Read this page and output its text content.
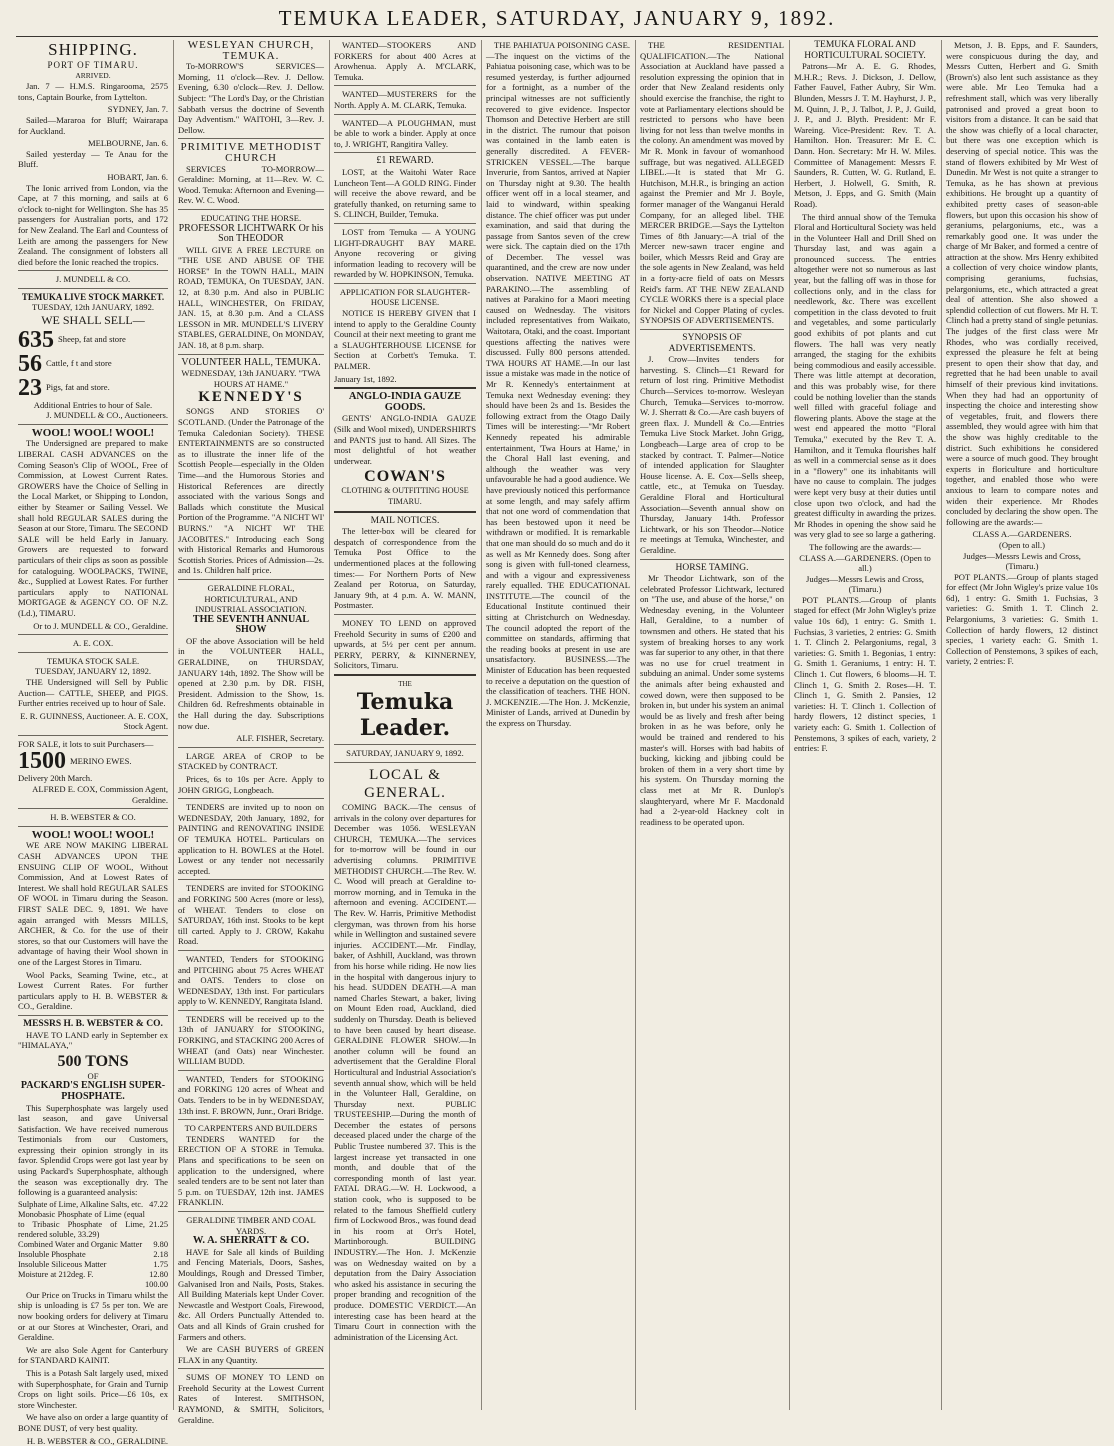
TEMUKA LEADER, SATURDAY, JANUARY 9, 1892.
SHIPPING.
PORT OF TIMARU.
ARRIVED.

Jan. 7 — H.M.S. Ringarooma, 2575 tons, Captain Bourke, from Lyttelton.

SYDNEY, Jan. 7.

Sailed—Mararoa for Bluff; Wairarapa for Auckland.

MELBOURNE, Jan. 6.

Sailed yesterday — Te Anau for the Bluff.

HOBART, Jan. 6.

The Ionic arrived from London, via the Cape, at 7 this morning, and sails at 6 o'clock to-night for Wellington. She has 35 passengers for Australian ports, and 172 for New Zealand. The Earl and Countess of Leith are among the passengers for New Zealand. The consignment of lobsters all died before the Ionic reached the tropics.

J. MUNDELL & CO.
TEMUKA LIVE STOCK MARKET.
TUESDAY, 12th JANUARY, 1892.
WE SHALL SELL—
635 Sheep, fat and store
56 Cattle, f t and store
23 Pigs, fat and store.
Additional Entries to hour of Sale.
J. MUNDELL & CO., Auctioneers.
WOOL! WOOL! WOOL!

The Undersigned are prepared to make LIBERAL CASH ADVANCES on the Coming Season's Clip of WOOL, Free of Commission, at Lowest Current Rates. GROWERS have the Choice of Selling in the Local Market, or Shipping to London, either by Steamer or Sailing Vessel. We shall hold REGULAR SALES during the Season at our Store, Timaru. The SECOND SALE will be held Early in January. Growers are requested to forward particulars of their clips as soon as possible for cataloguing. WOOLPACKS, TWINE, &c., Supplied at Lowest Rates. For further particulars apply to NATIONAL MORTGAGE & AGENCY CO. OF N.Z. (Ld.), TIMARU.

Or to J. MUNDELL & CO., Geraldine.
A. E. COX.
TEMUKA STOCK SALE.
TUESDAY, JANUARY 12, 1892.

THE Undersigned will Sell by Public Auction— CATTLE, SHEEP, and PIGS. Further entries received up to hour of Sale.

E. R. GUINNESS, Auctioneer. A. E. COX, Stock Agent.
FOR SALE, it lots to suit Purchasers—
1500 MERINO EWES.
Delivery 20th March.
ALFRED E. COX, Commission Agent, Geraldine.
H. B. WEBSTER & CO.
WOOL! WOOL! WOOL!

WE ARE NOW MAKING LIBERAL CASH ADVANCES UPON THE ENSUING CLIP OF WOOL, Without Commission, And at Lowest Rates of Interest. We shall hold REGULAR SALES OF WOOL in Timaru during the Season. FIRST SALE DEC. 9, 1891. We have again arranged with Messrs MILLS, ARCHER, & Co. for the use of their stores, so that our Customers will have the advantage of having their Wool shown in one of the Largest Stores in Timaru.

Wool Packs, Seaming Twine, etc., at Lowest Current Rates. For further particulars apply to H. B. WEBSTER & CO., Geraldine.

MESSRS H. B. WEBSTER & CO.

HAVE TO LAND early in September ex "HIMALAYA,"

500 TONS
OF
PACKARD'S ENGLISH SUPER-PHOSPHATE.

This Superphosphate was largely used last season, and gave Universal Satisfaction. We have received numerous Testimonials from our Customers, expressing their opinion strongly in its favor. Splendid Crops were got last year by using Packard's Superphosphate, although the season was exceptionally dry. The following is a guaranteed analysis:

Sulphate of Lime, Alkaline Salts, etc.	47.22
Monobasic Phosphate of Lime (equal to Tribasic Phosphate of Lime, rendered soluble, 33.29)	21.25
Combined Water and Organic Matter	9.80
Insoluble Phosphate	2.18
Insoluble Siliceous Matter	1.75
Moisture at 212deg. F.	12.80
	100.00

Our Price on Trucks in Timaru whilst the ship is unloading is £7 5s per ton. We are now booking orders for delivery at Timaru or at our Stores at Winchester, Orari, and Geraldine.

We are also Sole Agent for Canterbury for STANDARD KAINIT.

This is a Potash Salt largely used, mixed with Superphosphate, for Grain and Turnip Crops on light soils. Price—£6 10s, ex store Winchester.

We have also on order a large quantity of BONE DUST, of very best quality.

H. B. WEBSTER & CO., GERALDINE.
WESLEYAN CHURCH, TEMUKA.

To-MORROW'S SERVICES— Morning, 11 o'clock—Rev. J. Dellow. Evening, 6.30 o'clock—Rev. J. Dellow. Subject: "The Lord's Day, or the Christian Sabbath versus the doctrine of Seventh Day Adventism." WAITOHI, 3—Rev. J. Dellow.

PRIMITIVE METHODIST CHURCH

SERVICES TO-MORROW— Geraldine: Morning, at 11—Rev. W. C. Wood. Temuka: Afternoon and Evening—Rev. W. C. Wood.

EDUCATING THE HORSE.
PROFESSOR LICHTWARK Or his Son THEODOR

WILL GIVE A FREE LECTURE on "THE USE AND ABUSE OF THE HORSE" In the TOWN HALL, MAIN ROAD, TEMUKA, On TUESDAY, JAN. 12, at 8.30 p.m. And also in PUBLIC HALL, WINCHESTER, On FRIDAY, JAN. 15, at 8.30 p.m. And a CLASS LESSON in MR. MUNDELL'S LIVERY STABLES, GERALDINE, On MONDAY, JAN. 18, at 8 p.m. sharp.

VOLUNTEER HALL, TEMUKA.
WEDNESDAY, 13th JANUARY. "TWA HOURS AT HAME."
KENNEDY'S

SONGS AND STORIES O' SCOTLAND. (Under the Patronage of the Temuka Caledonian Society). THESE ENTERTAINMENTS are so constructed as to illustrate the inner life of the Scottish People—especially in the Olden Time—and the Humorous Stories and Historical References are directly associated with the various Songs and Ballads which constitute the Musical Portion of the Programme. "A NICHT WI' BURNS." "A NICHT WI' THE JACOBITES." Introducing each Song with Historical Remarks and Humorous Scottish Stories. Prices of Admission—2s. and 1s. Children half price.

GERALDINE FLORAL, HORTICULTURAL, AND INDUSTRIAL ASSOCIATION.
THE SEVENTH ANNUAL SHOW

OF the above Association will be held in the VOLUNTEER HALL, GERALDINE, on THURSDAY, JANUARY 14th, 1892. The Show will be opened at 2.30 p.m. by DR. FISH, President. Admission to the Show, 1s. Children 6d. Refreshments obtainable in the Hall during the day. Subscriptions now due.

ALF. FISHER, Secretary.

LARGE AREA of CROP to be STACKED by CONTRACT.

Prices, 6s to 10s per Acre. Apply to JOHN GRIGG, Longbeach.

TENDERS are invited up to noon on WEDNESDAY, 20th January, 1892, for PAINTING and RENOVATING INSIDE OF TEMUKA HOTEL. Particulars on application to H. BOWLES at the Hotel. Lowest or any tender not necessarily accepted.

TENDERS are invited for STOOKING and FORKING 500 Acres (more or less), of WHEAT. Tenders to close on SATURDAY, 16th inst. Stooks to be kept till carted. Apply to J. CROW, Kakahu Road.

WANTED, Tenders for STOOKING and PITCHING about 75 Acres WHEAT and OATS. Tenders to close on WEDNESDAY, 13th inst. For particulars apply to W. KENNEDY, Rangitata Island.

TENDERS will be received up to the 13th of JANUARY for STOOKING, FORKING, and STACKING 200 Acres of WHEAT (and Oats) near Winchester. WILLIAM BUDD.

WANTED, Tenders for STOOKING and FORKING 120 acres of Wheat and Oats. Tenders to be in by WEDNESDAY, 13th inst. F. BROWN, Junr., Orari Bridge.

TO CARPENTERS AND BUILDERS

TENDERS WANTED for the ERECTION OF A STORE in Temuka. Plans and specifications to be seen on application to the undersigned, where sealed tenders are to be sent not later than 5 p.m. on TUESDAY, 12th inst. JAMES FRANKLIN.

GERALDINE TIMBER AND COAL YARDS.
W. A. SHERRATT & CO.

HAVE for Sale all kinds of Building and Fencing Materials, Doors, Sashes, Mouldings, Rough and Dressed Timber, Galvanised Iron and Nails, Posts, Stakes. All Building Materials kept Under Cover. Newcastle and Westport Coals, Firewood, &c. All Orders Punctually Attended to. Oats and all Kinds of Grain crushed for Farmers and others.

We are CASH BUYERS of GREEN FLAX in any Quantity.

SUMS OF MONEY TO LEND on Freehold Security at the Lowest Current Rates of Interest. SMITHSON, RAYMOND, & SMITH, Solicitors, Geraldine.

WANTED—STOOKERS AND FORKERS for about 400 Acres at Arowhenua. Apply A. M'CLARK, Temuka.

WANTED—MUSTERERS for the North. Apply A. M. CLARK, Temuka.

WANTED—A PLOUGHMAN, must be able to work a binder. Apply at once to, J. WRIGHT, Rangitira Valley.

£1 REWARD.

LOST, at the Waitohi Water Race Luncheon Tent—A GOLD RING. Finder will receive the above reward, and be gratefully thanked, on returning same to S. CLINCH, Builder, Temuka.

LOST from Temuka — A YOUNG LIGHT-DRAUGHT BAY MARE. Anyone recovering or giving information leading to recovery will be rewarded by W. HOPKINSON, Temuka.

APPLICATION FOR SLAUGHTER-HOUSE LICENSE.

NOTICE IS HEREBY GIVEN that I intend to apply to the Geraldine County Council at their next meeting to grant me a SLAUGHTERHOUSE LICENSE for Section at Corbett's Temuka. T. PALMER.

January 1st, 1892.
ANGLO-INDIA GAUZE GOODS.

GENTS' ANGLO-INDIA GAUZE (Silk and Wool mixed), UNDERSHIRTS and PANTS just to hand. All Sizes. The most delightful of hot weather underwear.

COWAN'S
CLOTHING & OUTFITTING HOUSE TIMARU.
MAIL NOTICES.

The letter-box will be cleared for despatch of correspondence from the Temuka Post Office to the undermentioned places at the following times:— For Northern Ports of New Zealand per Rotorua, on Saturday, January 9th, at 4 p.m. A. W. MANN, Postmaster.

MONEY TO LEND on approved Freehold Security in sums of £200 and upwards, at 5½ per cent per annum. PERRY, PERRY, & KINNERNEY, Solicitors, Timaru.

THE
Temuka Leader.
SATURDAY, JANUARY 9, 1892.
LOCAL & GENERAL.

COMING BACK.—The census of arrivals in the colony over departures for December was 1056. WESLEYAN CHURCH, TEMUKA.—The services for to-morrow will be found in our advertising columns. PRIMITIVE METHODIST CHURCH.—The Rev. W. C. Wood will preach at Geraldine to-morrow morning, and in Temuka in the afternoon and evening. ACCIDENT.—The Rev. W. Harris, Primitive Methodist clergyman, was thrown from his horse while in Wellington and sustained severe injuries. ACCIDENT.—Mr. Findlay, baker, of Ashhill, Auckland, was thrown from his horse while riding. He now lies in the hospital with dangerous injury to his head. SUDDEN DEATH.—A man named Charles Stewart, a baker, living on Mount Eden road, Auckland, died suddenly on Thursday. Death is believed to have been caused by heart disease. GERALDINE FLOWER SHOW.—In another column will be found an advertisement that the Geraldine Floral Horticultural and Industrial Association's seventh annual show, which will be held in the Volunteer Hall, Geraldine, on Thursday next. PUBLIC TRUSTEESHIP.—During the month of December the estates of persons deceased placed under the charge of the Public Trustee numbered 37. This is the largest increase yet transacted in one month, and double that of the corresponding month of last year. FATAL DRAG.—W. H. Lockwood, a station cook, who is supposed to be related to the famous Sheffield cutlery firm of Lockwood Bros., was found dead in his room at Orr's Hotel, Martinborough. BUILDING INDUSTRY.—The Hon. J. McKenzie was on Wednesday waited on by a deputation from the Dairy Association who asked his assistance in securing the proper branding and recognition of the produce. DOMESTIC VERDICT.—An interesting case has been heard at the Timaru Court in connection with the administration of the Licensing Act.

THE PAHIATUA POISONING CASE.—The inquest on the victims of the Pahiatua poisoning case, which was to be resumed yesterday, is further adjourned for a fortnight, as a number of the principal witnesses are not sufficiently recovered to give evidence. Inspector Thomson and Detective Herbert are still in the district. The rumour that poison was contained in the lamb eaten is generally discredited. A FEVER-STRICKEN VESSEL.—The barque Inverurie, from Santos, arrived at Napier on Thursday night at 9.30. The health officer went off in a local steamer, and laid to windward, within speaking distance. The chief officer was put under examination, and said that during the passage from Santos seven of the crew were sick. The captain died on the 17th of December. The vessel was quarantined, and the crew are now under observation. NATIVE MEETING AT PARAKINO.—The assembling of natives at Parakino for a Maori meeting caused on Wednesday. The visitors included representatives from Waikato, Waitotara, Otaki, and the coast. Important questions affecting the natives were discussed. Fully 800 persons attended. TWA HOURS AT HAME.—In our last issue a mistake was made in the notice of Mr R. Kennedy's entertainment at Temuka next Wednesday evening: they should have been 2s and 1s. Besides the following extract from the Otago Daily Times will be interesting:—"Mr Robert Kennedy repeated his admirable entertainment, 'Twa Hours at Hame,' in the Choral Hall last evening, and although the weather was very unfavourable he had a good audience. We have previously noticed this performance at some length, and may safely affirm that not one word of commendation that has been bestowed upon it need be withdrawn or modified. It is remarkable that one man should do so much and do it as well as Mr Kennedy does. Song after song is given with full-toned clearness, and with a vigour and expressiveness rarely equalled. THE EDUCATIONAL INSTITUTE.—The council of the Educational Institute continued their sitting at Christchurch on Wednesday. The council adopted the report of the committee on standards, affirming that the reading books at present in use are unsatisfactory. BUSINESS.—The Minister of Education has been requested to receive a deputation on the question of the classification of teachers. THE HON. J. MCKENZIE.—The Hon. J. McKenzie, Minister of Lands, arrived at Dunedin by the express on Thursday.

THE RESIDENTIAL QUALIFICATION.—The National Association at Auckland have passed a resolution expressing the opinion that in order that New Zealand residents only should exercise the franchise, the right to vote at Parliamentary elections should be restricted to persons who have been living for not less than twelve months in the colony. An amendment was moved by Mr R. Monk in favour of womanhood suffrage, but was negatived. ALLEGED LIBEL.—It is stated that Mr G. Hutchison, M.H.R., is bringing an action against the Premier and Mr J. Boyle, former manager of the Wanganui Herald Company, for an alleged libel. THE MERCER BRIDGE.—Says the Lyttelton Times of 8th January:—A trial of the Mercer new-sawn tracer engine and boiler, which Messrs Reid and Gray are the sole agents in New Zealand, was held in a forty-acre field of oats on Messrs Reid's farm. AT THE NEW ZEALAND CYCLE WORKS there is a special place for Nickel and Copper Plating of cycles. SYNOPSIS OF ADVERTISEMENTS.

SYNOPSIS OF ADVERTISEMENTS.

J. Crow—Invites tenders for harvesting. S. Clinch—£1 Reward for return of lost ring. Primitive Methodist Church—Services to-morrow. Wesleyan Church, Temuka—Services to-morrow. W. J. Sherratt & Co.—Are cash buyers of green flax. J. Mundell & Co.—Entries Temuka Live Stock Market. John Grigg, Longbeach—Large area of crop to be stacked by contract. T. Palmer—Notice of intended application for Slaughter House license. A. E. Cox—Sells sheep, cattle, etc., at Temuka on Tuesday. Geraldine Floral and Horticultural Association—Seventh annual show on Thursday, January 14th. Professor Lichtwark, or his son Theodor—Notice re meetings at Temuka, Winchester, and Geraldine.

HORSE TAMING.

Mr Theodor Lichtwark, son of the celebrated Professor Lichtwark, lectured on "The use, and abuse of the horse," on Wednesday evening, in the Volunteer Hall, Geraldine, to a number of townsmen and others. He stated that his system of breaking horses to any work was far superior to any other, in that there was no use for cruel treatment in subduing an animal. Under some systems the animals after being exhausted and cowed down, were then supposed to be broken in, but under his system an animal would be as lively and fresh after being broken in as he was before, only he would be trained and rendered to his master's will. Horses with bad habits of bucking, kicking and jibbing could be broken of them in a very short time by his system. On Thursday morning the class met at Mr R. Dunlop's slaughteryard, where Mr F. Macdonald had a 2-year-old Hackney colt in readiness to be operated upon.

TEMUKA FLORAL AND HORTICULTURAL SOCIETY.

Patrons—Mr A. E. G. Rhodes, M.H.R.; Revs. J. Dickson, J. Dellow, Father Fauvel, Father Aubry, Sir Wm. Blunden, Messrs J. T. M. Hayhurst, J. P., M. Quinn, J. P., J. Talbot, J. P., J. Guild, J. P., and J. Blyth. President: Mr F. Wareing. Vice-President: Rev. T. A. Hamilton. Hon. Treasurer: Mr E. C. Dann. Hon. Secretary: Mr H. W. Miles. Committee of Management: Messrs F. Saunders, R. Cutten, W. G. Rutland, E. Herbert, J. Holwell, G. Smith, R. Metson, J. Epps, and G. Smith (Main Road).

The third annual show of the Temuka Floral and Horticultural Society was held in the Volunteer Hall and Drill Shed on Thursday last, and was again a pronounced success. The entries altogether were not so numerous as last year, but the falling off was in those for collections only, and in the class for needlework, &c. There was excellent competition in the class devoted to fruit and vegetables, and some particularly good exhibits of pot plants and cut flowers. The hall was very neatly arranged, the staging for the exhibits being commodious and easily accessible. There was little attempt at decoration, and this was probably wise, for there could be nothing lovelier than the stands well filled with graceful foliage and flowering plants. Above the stage at the west end appeared the motto "Floral Temuka," executed by the Rev T. A. Hamilton, and it Temuka flourishes half as well in a commercial sense as it does in a "flowery" one its inhabitants will have no cause to complain. The judges were kept very busy at their duties until close upon two o'clock, and had the greatest difficulty in awarding the prizes. Mr Rhodes in opening the show said he was very glad to see so large a gathering.

The following are the awards:—
CLASS A.—GARDENERS. (Open to all.)
Judges—Messrs Lewis and Cross, (Timaru.)

POT PLANTS.—Group of plants staged for effect (Mr John Wigley's prize value 10s 6d), 1 entry: G. Smith 1. Fuchsias, 3 varieties, 2 entries: G. Smith 1. T. Clinch 2. Pelargoniums, regal, 3 varieties: G. Smith 1. Begonias, 1 entry: G. Smith 1. Geraniums, 1 entry: H. T. Clinch 1. Cut flowers, 6 blooms—H. T. Clinch 1, G. Smith 2. Roses—H. T. Clinch 1, G. Smith 2. Pansies, 12 varieties: H. T. Clinch 1. Collection of hardy flowers, 12 distinct species, 1 variety each: G. Smith 1. Collection of Penstemons, 3 spikes of each, variety, 2 entries: F.

Metson, J. B. Epps, and F. Saunders, were conspicuous during the day, and Messrs Cutten, Herbert and G. Smith (Brown's) also lent such assistance as they were able. Mr Leo Temuka had a refreshment stall, which was very liberally patronised and proved a great boon to visitors from a distance. It can be said that the show was chiefly of a local character, but there was one exception which is deserving of special notice. This was the stand of flowers exhibited by Mr West of Dunedin. Mr West is not quite a stranger to Temuka, as he has shown at previous exhibitions. He brought up a quantity of exhibited pretty cases of season-able flowers, but upon this occasion his show of geraniums, pelargoniums, etc., was a remarkably good one. It was under the charge of Mr Baker, and formed a centre of attraction at the show. Mrs Henry exhibited a collection of very choice window plants, comprising geraniums, fuchsias, pelargoniums, etc., which attracted a great deal of attention. She also showed a splendid collection of cut flowers. Mr H. T. Clinch had a pretty stand of single petunias. The judges of the first class were Mr Rhodes, who was cordially received, expressed the pleasure he felt at being present to open their show that day, and regretted that he had been unable to avail himself of their previous kind invitations. When they had had an opportunity of inspecting the choice and interesting show of vegetables, fruit, and flowers there assembled, they would agree with him that the show was highly creditable to the district. Such exhibitions he considered were a source of much good. They brought experts in floriculture and horticulture together, and enabled those who were anxious to learn to compare notes and widen their experience. Mr Rhodes concluded by declaring the show open. The following are the awards:—

CLASS A.—GARDENERS.
(Open to all.)
Judges—Messrs Lewis and Cross, (Timaru.)

POT PLANTS.—Group of plants staged for effect (Mr John Wigley's prize value 10s 6d), 1 entry: G. Smith 1. Fuchsias, 3 varieties: G. Smith 1. T. Clinch 2. Pelargoniums, 3 varieties: G. Smith 1. Collection of hardy flowers, 12 distinct species, 1 variety each: G. Smith 1. Collection of Penstemons, 3 spikes of each, variety, 2 entries: F.
